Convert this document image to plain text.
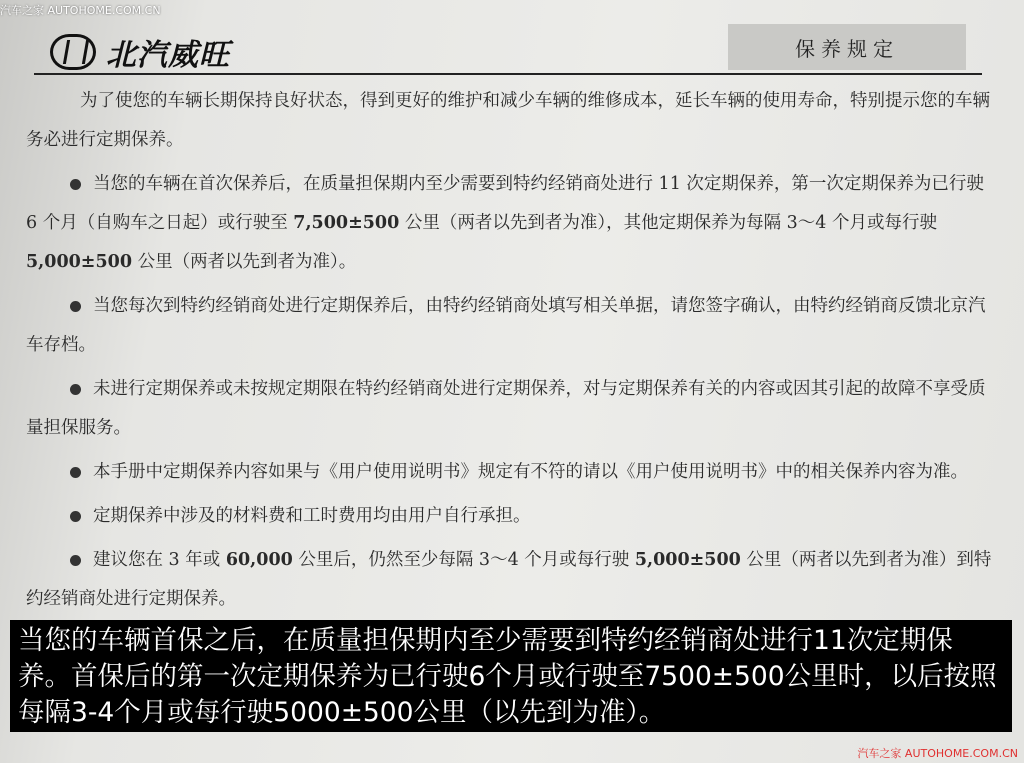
汽车之家 AUTOHOME.COM.CN
北汽威旺	保养规定

为了使您的车辆长期保持良好状态，得到更好的维护和减少车辆的维修成本，延长车辆的使用寿命，特别提示您的车辆务必进行定期保养。

当您的车辆在首次保养后，在质量担保期内至少需要到特约经销商处进行 11 次定期保养，第一次定期保养为已行驶 6 个月（自购车之日起）或行驶至 7,500±500 公里（两者以先到者为准），其他定期保养为每隔 3～4 个月或每行驶 5,000±500 公里（两者以先到者为准）。

当您每次到特约经销商处进行定期保养后，由特约经销商处填写相关单据，请您签字确认，由特约经销商反馈北京汽车存档。

未进行定期保养或未按规定期限在特约经销商处进行定期保养，对与定期保养有关的内容或因其引起的故障不享受质量担保服务。

本手册中定期保养内容如果与《用户使用说明书》规定有不符的请以《用户使用说明书》中的相关保养内容为准。

定期保养中涉及的材料费和工时费用均由用户自行承担。

建议您在 3 年或 60,000 公里后，仍然至少每隔 3～4 个月或每行驶 5,000±500 公里（两者以先到者为准）到特约经销商处进行定期保养。

当您的车辆首保之后，在质量担保期内至少需要到特约经销商处进行11次定期保养。首保后的第一次定期保养为已行驶6个月或行驶至7500±500公里时，以后按照每隔3-4个月或每行驶5000±500公里（以先到为准）。
汽车之家 AUTOHOME.COM.CN
